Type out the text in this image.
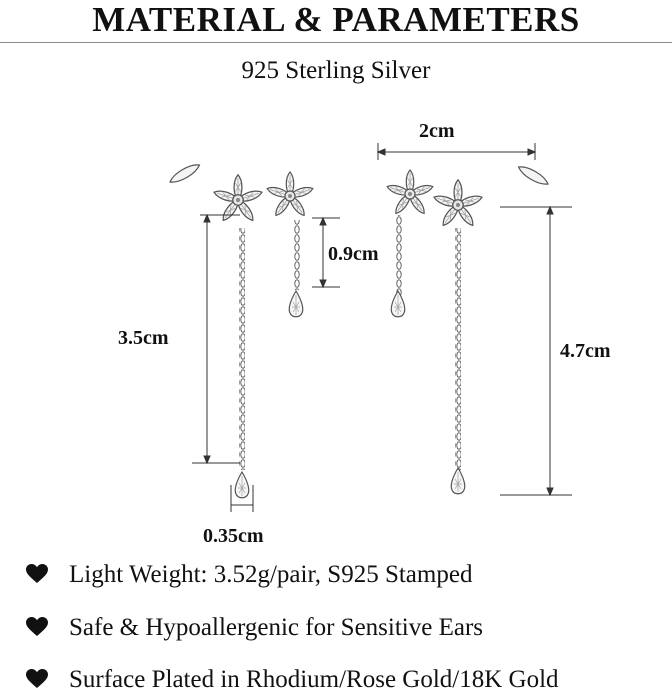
MATERIAL & PARAMETERS
925 Sterling Silver
2cm
0.9cm
3.5cm
4.7cm
0.35cm
Light Weight: 3.52g/pair, S925 Stamped
Safe & Hypoallergenic for Sensitive Ears
Surface Plated in Rhodium/Rose Gold/18K Gold
